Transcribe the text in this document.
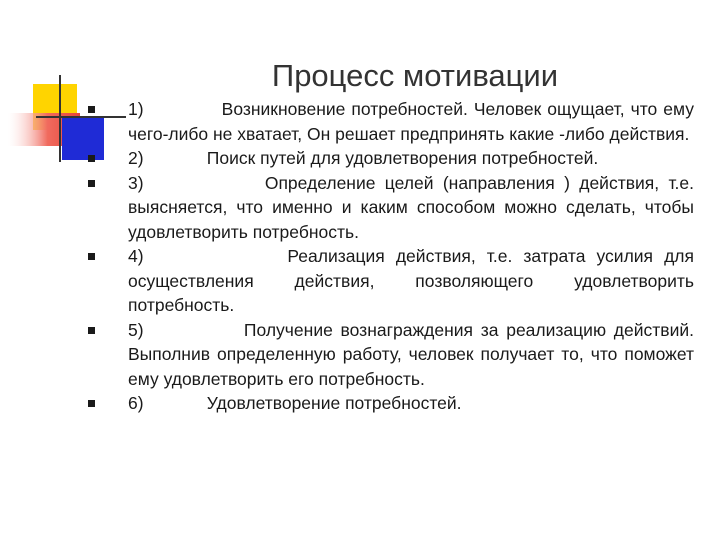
Процесс мотивации
1)             Возникновение потребностей. Человек ощущает, что ему чего-либо не хватает, Он решает предпринять какие -либо действия.
2)             Поиск путей для удовлетворения потребностей.
3)             Определение целей (направления ) действия, т.е. выясняется, что именно и каким способом можно сделать, чтобы удовлетворить потребность.
4)             Реализация действия, т.е. затрата усилия для осуществления действия, позволяющего удовлетворить потребность.
5)             Получение вознаграждения за реализацию действий. Выполнив определенную работу, человек получает то, что поможет ему удовлетворить его потребность.
6)             Удовлетворение потребностей.
